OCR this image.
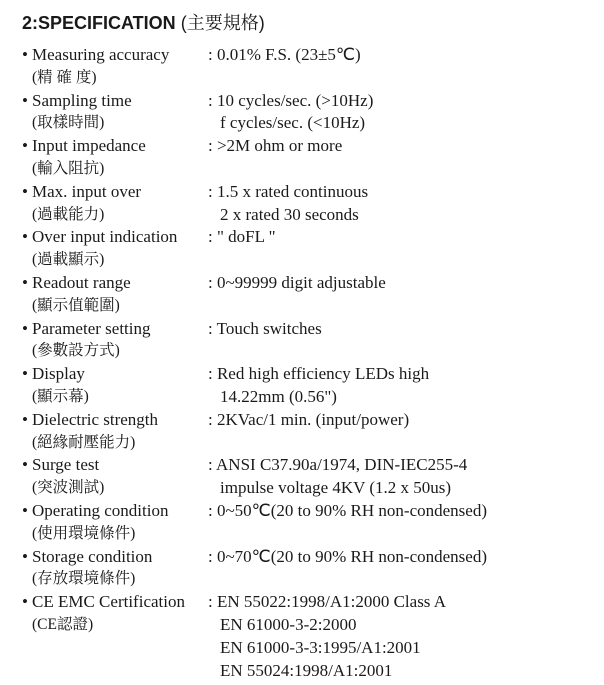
2:SPECIFICATION (主要規格)
• Measuring accuracy
(精 確 度)
: 0.01% F.S. (23±5℃)
• Sampling time
(取樣時間)
: 10 cycles/sec. (>10Hz)
f cycles/sec. (<10Hz)
• Input impedance
(輸入阻抗)
: >2M ohm or more
• Max. input over
(過載能力)
: 1.5 x rated continuous
2 x rated 30 seconds
• Over input indication
(過載顯示)
: " doFL "
• Readout range
(顯示值範圍)
: 0~99999 digit adjustable
• Parameter setting
(參數設方式)
: Touch switches
• Display
(顯示幕)
: Red high efficiency LEDs high
14.22mm (0.56")
• Dielectric strength
(絕緣耐壓能力)
: 2KVac/1 min. (input/power)
• Surge test
(突波測試)
: ANSI C37.90a/1974, DIN-IEC255-4
impulse voltage 4KV (1.2 x 50us)
• Operating condition
(使用環境條件)
: 0~50℃(20 to 90% RH non-condensed)
• Storage condition
(存放環境條件)
: 0~70℃(20 to 90% RH non-condensed)
• CE EMC Certification
(CE認證)
: EN 55022:1998/A1:2000 Class A
EN 61000-3-2:2000
EN 61000-3-3:1995/A1:2001
EN 55024:1998/A1:2001
